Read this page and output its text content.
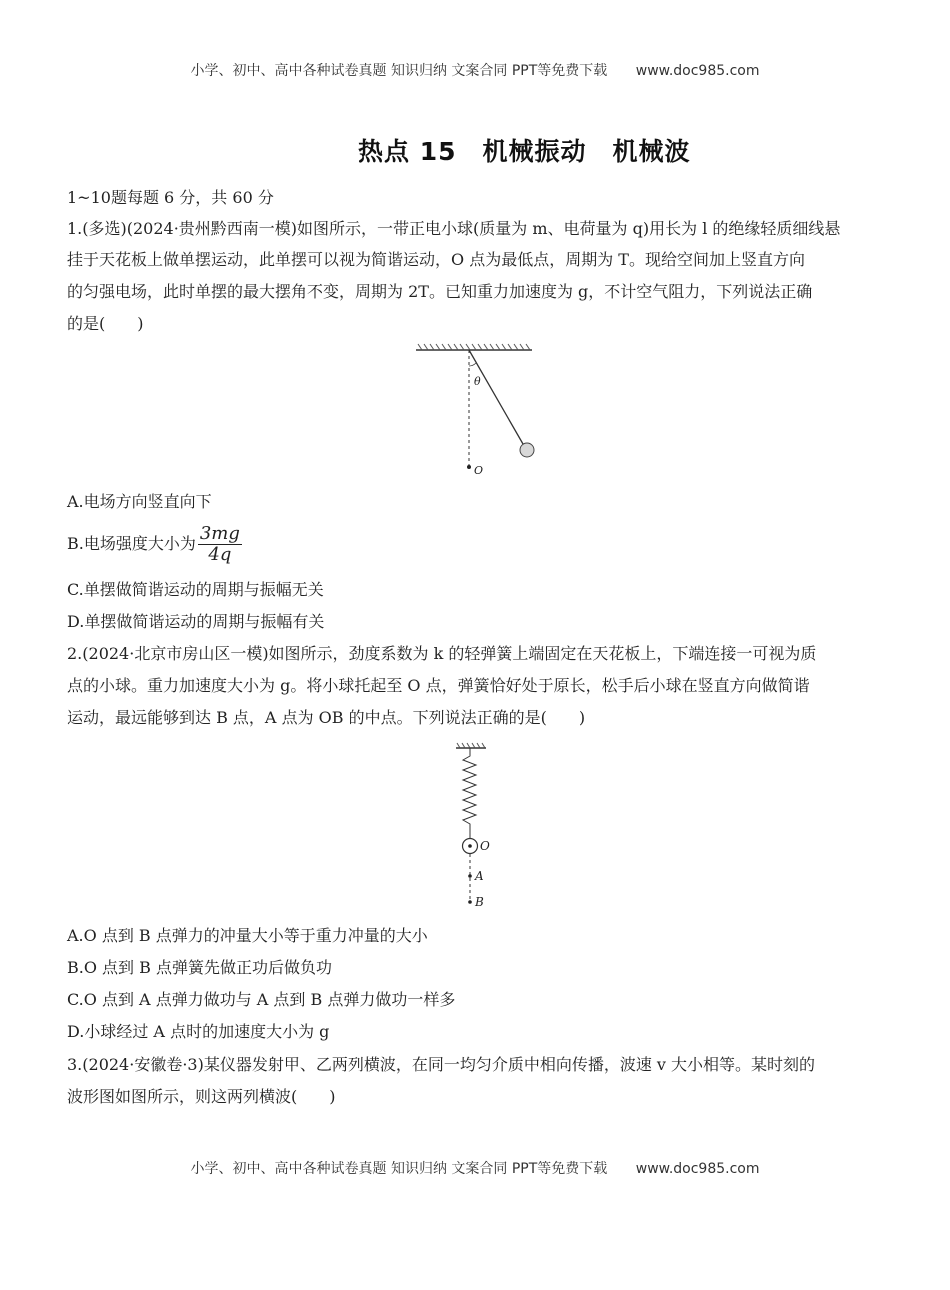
小学、初中、高中各种试卷真题 知识归纳 文案合同 PPT等免费下载 www.doc985.com
热点 15　机械振动　机械波
1~10题每题 6 分，共 60 分
1.(多选)(2024·贵州黔西南一模)如图所示，一带正电小球(质量为 m、电荷量为 q)用长为 l 的绝缘轻质细线悬
挂于天花板上做单摆运动，此单摆可以视为简谐运动，O 点为最低点，周期为 T。现给空间加上竖直方向
的匀强电场，此时单摆的最大摆角不变，周期为 2T。已知重力加速度为 g，不计空气阻力，下列说法正确
的是(　　)
θ
O
A.电场方向竖直向下
B.电场强度大小为 $\frac{3mg}{4q}$
C.单摆做简谐运动的周期与振幅无关
D.单摆做简谐运动的周期与振幅有关
2.(2024·北京市房山区一模)如图所示，劲度系数为 k 的轻弹簧上端固定在天花板上，下端连接一可视为质
点的小球。重力加速度大小为 g。将小球托起至 O 点，弹簧恰好处于原长，松手后小球在竖直方向做简谐
运动，最远能够到达 B 点，A 点为 OB 的中点。下列说法正确的是(　　)
O
A
B
A.O 点到 B 点弹力的冲量大小等于重力冲量的大小
B.O 点到 B 点弹簧先做正功后做负功
C.O 点到 A 点弹力做功与 A 点到 B 点弹力做功一样多
D.小球经过 A 点时的加速度大小为 g
3.(2024·安徽卷·3)某仪器发射甲、乙两列横波，在同一均匀介质中相向传播，波速 v 大小相等。某时刻的
波形图如图所示，则这两列横波(　　)
小学、初中、高中各种试卷真题 知识归纳 文案合同 PPT等免费下载 www.doc985.com
